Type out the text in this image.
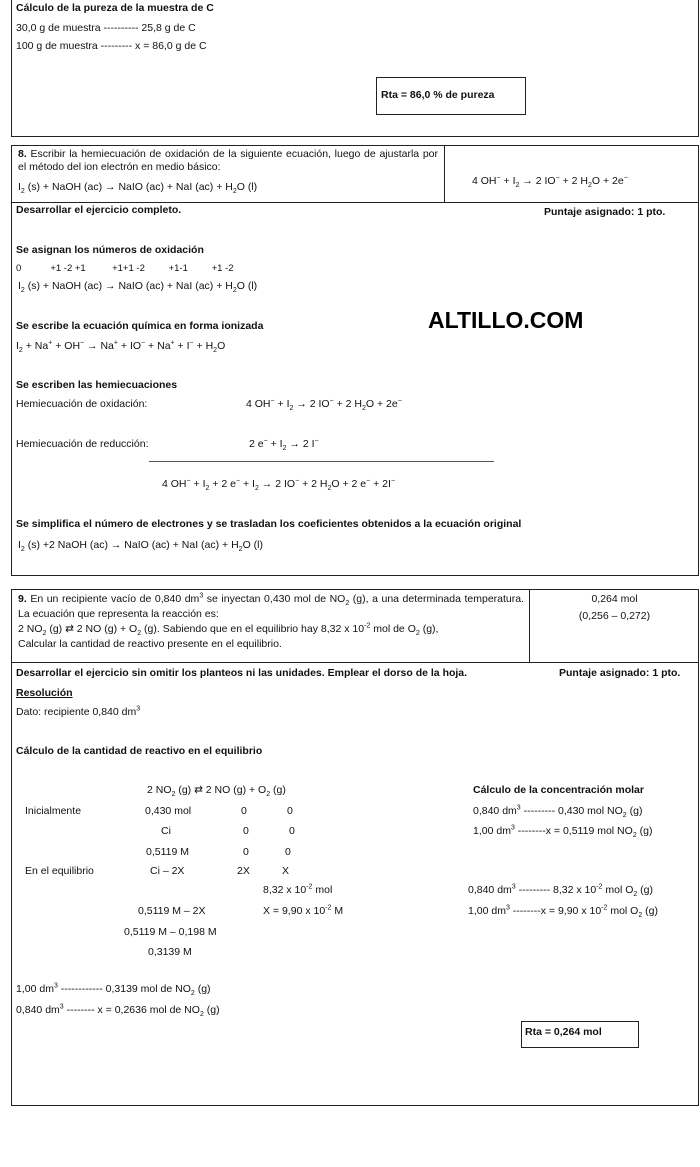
Cálculo de la pureza de la muestra de C
30,0 g de muestra ---------- 25,8 g de C
100 g de muestra --------- x = 86,0 g de C
Rta = 86,0 % de pureza
8. Escribir la hemiecuación de oxidación de la siguiente ecuación, luego de ajustarla por el método del ion electrón en medio básico:
$I_2$ (s) + NaOH (ac) → NaIO (ac) + NaI $(ac) + H_2O$ (l)	4 $OH^- + I_2 \to 2$ IO− + 2 $H_2O + 2e^-$
Desarrollar el ejercicio completo.	Puntaje asignado: 1 pto.
Se asignan los números de oxidación
0           +1 -2 +1          +1+1 -2         +1-1         +1 -2
$I_2$ (s) + NaOH (ac) → NaIO (ac) + NaI $(ac) + H_2O$ (l)
Se escribe la ecuación química en forma ionizada	ALTILLO.COM
$I_2 + Na^+ + OH^- \to Na^+ + IO^- + Na^+ + I^- + H_2O$
Se escriben las hemiecuaciones
Hemiecuación de oxidación:	4 $OH^- + I_2 \to 2$ IO− + 2 $H_2O + 2e^-$
Hemiecuación de reducción:	2 $e^- + I_2 \to 2$ I−
4 $OH^- + I_2 + 2$ $e^- + I_2 \to 2$ IO− + 2 $H_2O + 2$ e− + 2I−
Se simplifica el número de electrones y se trasladan los coeficientes obtenidos a la ecuación original
$I_2$ (s) +2 NaOH (ac) → NaIO (ac) + NaI $(ac) + H_2O$ (l)
9. En un recipiente vacío de 0,840 $dm^3$ se inyectan 0,430 mol de $NO_2$ (g), a una determinada temperatura. La ecuación que representa la reacción es:
2 $NO_2$ (g) ⇄ 2 NO $(g) + O_2$ (g). Sabiendo que en el equilibrio hay 8,32 x $10^{-2}$ mol de $O_2$ (g),
Calcular la cantidad de reactivo presente en el equilibrio.
0,264 mol
(0,256 – 0,272)
Desarrollar el ejercicio sin omitir los planteos ni las unidades. Emplear el dorso de la hoja.	Puntaje asignado: 1 pto.
Resolución
Dato: recipiente 0,840 $dm^3$
Cálculo de la cantidad de reactivo en el equilibrio
2 $NO_2$ (g) ⇄ 2 NO $(g) + O_2$ (g)
Inicialmente	0,430 mol	0	0
Ci	0	0
0,5119 M	0	0
En el equilibrio	Ci – 2X	2X	X
8,32 x $10^{-2}$ mol
0,5119 M – 2X	X = 9,90 x $10^{-2}$ M
0,5119 M – 0,198 M
0,3139 M
Cálculo de la concentración molar
0,840 $dm^3$ --------- 0,430 mol $NO_2$ (g)
1,00 $dm^3$ --------x = 0,5119 mol $NO_2$ (g)
0,840 $dm^3$ --------- 8,32 x $10^{-2}$ mol $O_2$ (g)
1,00 $dm^3$ --------x = 9,90 x $10^{-2}$ mol $O_2$ (g)
1,00 $dm^3$ ------------ 0,3139 mol de $NO_2$ (g)
0,840 $dm^3$ -------- x = 0,2636 mol de $NO_2$ (g)
Rta = 0,264 mol
